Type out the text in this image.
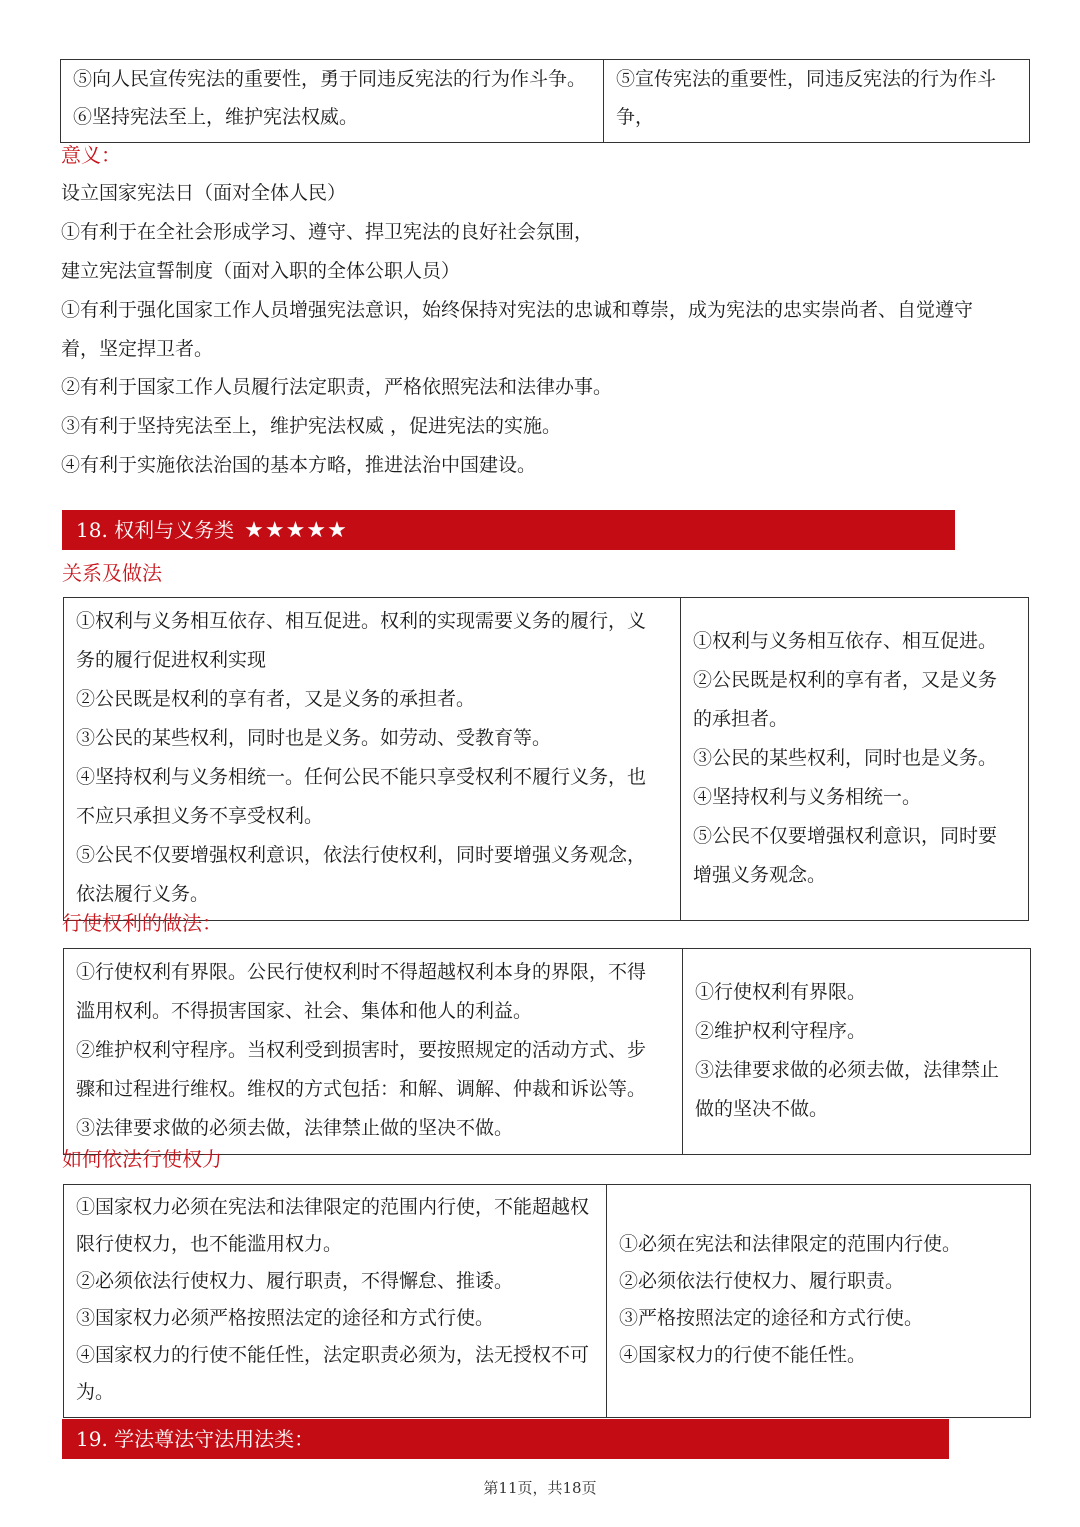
⑤向人民宣传宪法的重要性，勇于同违反宪法的行为作斗争。
⑥坚持宪法至上，维护宪法权威。

⑤宣传宪法的重要性，同违反宪法的行为作斗
争，
意义：
设立国家宪法日（面对全体人民）
①有利于在全社会形成学习、遵守、捍卫宪法的良好社会氛围，
建立宪法宣誓制度（面对入职的全体公职人员）
①有利于强化国家工作人员增强宪法意识，始终保持对宪法的忠诚和尊崇，成为宪法的忠实崇尚者、自觉遵守
着，坚定捍卫者。
②有利于国家工作人员履行法定职责，严格依照宪法和法律办事。
③有利于坚持宪法至上，维护宪法权威 ，促进宪法的实施。
④有利于实施依法治国的基本方略，推进法治中国建设。
18. 权利与义务类 ★★★★★
关系及做法
①权利与义务相互依存、相互促进。权利的实现需要义务的履行，义
务的履行促进权利实现
②公民既是权利的享有者，又是义务的承担者。
③公民的某些权利，同时也是义务。如劳动、受教育等。
④坚持权利与义务相统一。任何公民不能只享受权利不履行义务，也
不应只承担义务不享受权利。
⑤公民不仅要增强权利意识，依法行使权利，同时要增强义务观念，
依法履行义务。

①权利与义务相互依存、相互促进。
②公民既是权利的享有者，又是义务
的承担者。
③公民的某些权利，同时也是义务。
④坚持权利与义务相统一。
⑤公民不仅要增强权利意识，同时要
增强义务观念。
行使权利的做法：
①行使权利有界限。公民行使权利时不得超越权利本身的界限，不得
滥用权利。不得损害国家、社会、集体和他人的利益。
②维护权利守程序。当权利受到损害时，要按照规定的活动方式、步
骤和过程进行维权。维权的方式包括：和解、调解、仲裁和诉讼等。
③法律要求做的必须去做，法律禁止做的坚决不做。

①行使权利有界限。
②维护权利守程序。
③法律要求做的必须去做，法律禁止
做的坚决不做。
如何依法行使权力
①国家权力必须在宪法和法律限定的范围内行使，不能超越权
限行使权力，也不能滥用权力。
②必须依法行使权力、履行职责，不得懈怠、推诿。
③国家权力必须严格按照法定的途径和方式行使。
④国家权力的行使不能任性，法定职责必须为，法无授权不可
为。

①必须在宪法和法律限定的范围内行使。
②必须依法行使权力、履行职责。
③严格按照法定的途径和方式行使。
④国家权力的行使不能任性。
19. 学法尊法守法用法类：
第11页，共18页
